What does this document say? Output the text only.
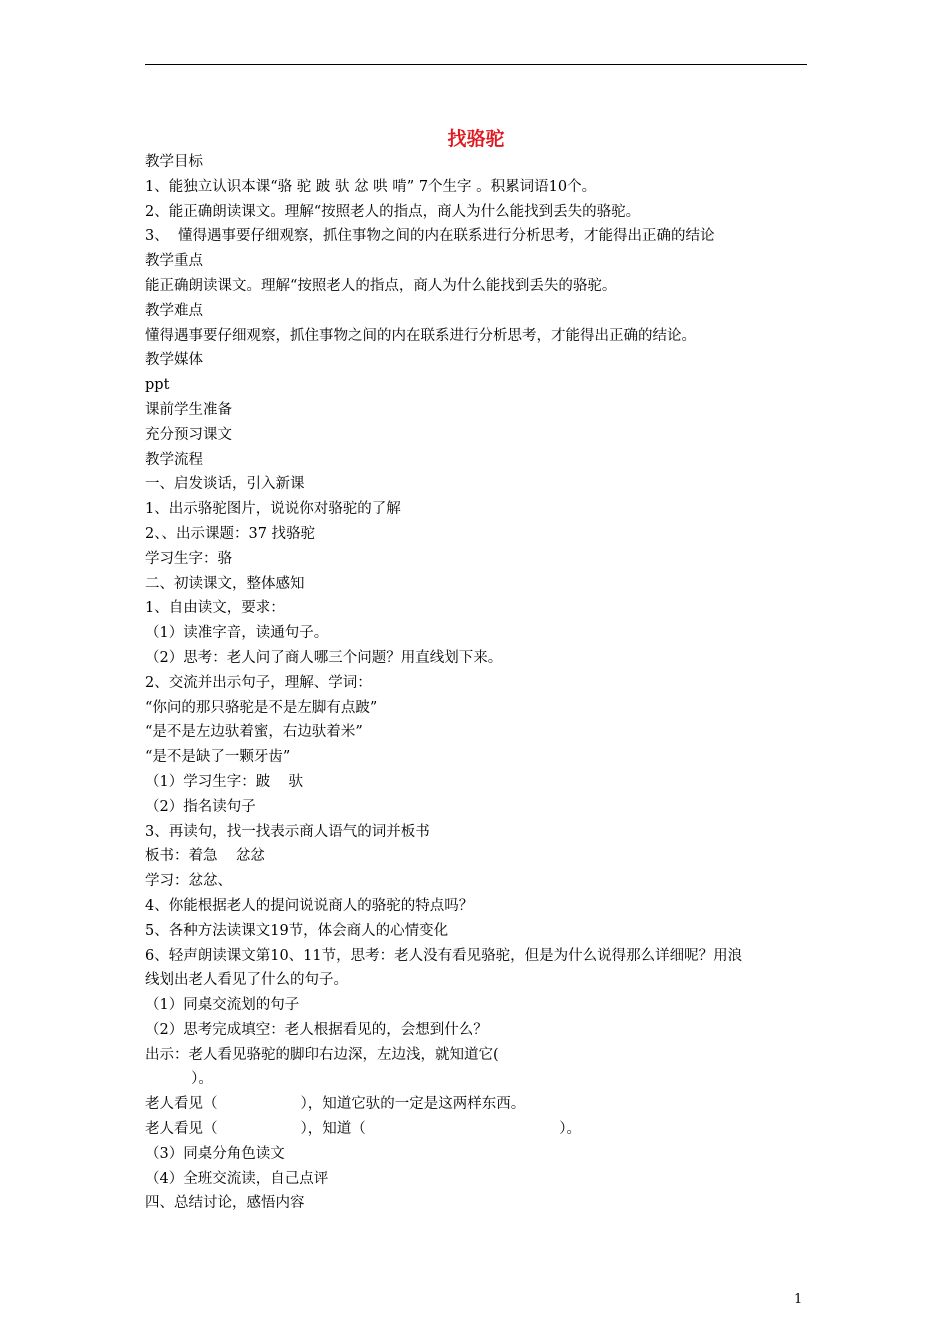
找骆驼
教学目标
1、能独立认识本课“骆 驼 跛 驮 忿 哄 啃” 7个生字 。积累词语10个。
2、能正确朗读课文。理解“按照老人的指点，商人为什么能找到丢失的骆驼。
3、  懂得遇事要仔细观察，抓住事物之间的内在联系进行分析思考，才能得出正确的结论
教学重点
能正确朗读课文。理解“按照老人的指点，商人为什么能找到丢失的骆驼。
教学难点
懂得遇事要仔细观察，抓住事物之间的内在联系进行分析思考，才能得出正确的结论。
教学媒体
ppt
课前学生准备
充分预习课文
教学流程
一、启发谈话，引入新课
1、出示骆驼图片，说说你对骆驼的了解
2、、出示课题：37 找骆驼
学习生字：骆
二、初读课文，整体感知
1、自由读文，要求：
（1）读准字音，读通句子。
（2）思考：老人问了商人哪三个问题？用直线划下来。
2、交流并出示句子，理解、学词：
“你问的那只骆驼是不是左脚有点跛”
“是不是左边驮着蜜，右边驮着米”
“是不是缺了一颗牙齿”
（1）学习生字：跛    驮
（2）指名读句子
3、再读句，找一找表示商人语气的词并板书
板书：着急    忿忿
学习：忿忿、
4、你能根据老人的提问说说商人的骆驼的特点吗？
5、各种方法读课文19节，体会商人的心情变化
6、轻声朗读课文第10、11节，思考：老人没有看见骆驼，但是为什么说得那么详细呢？用浪
线划出老人看见了什么的句子。
（1）同桌交流划的句子
（2）思考完成填空：老人根据看见的，会想到什么？
出示：老人看见骆驼的脚印右边深，左边浅，就知道它(
）。
老人看见（                  ），知道它驮的一定是这两样东西。
老人看见（                  ），知道（                                          ）。
（3）同桌分角色读文
（4）全班交流读，自己点评
四、总结讨论，感悟内容
1
